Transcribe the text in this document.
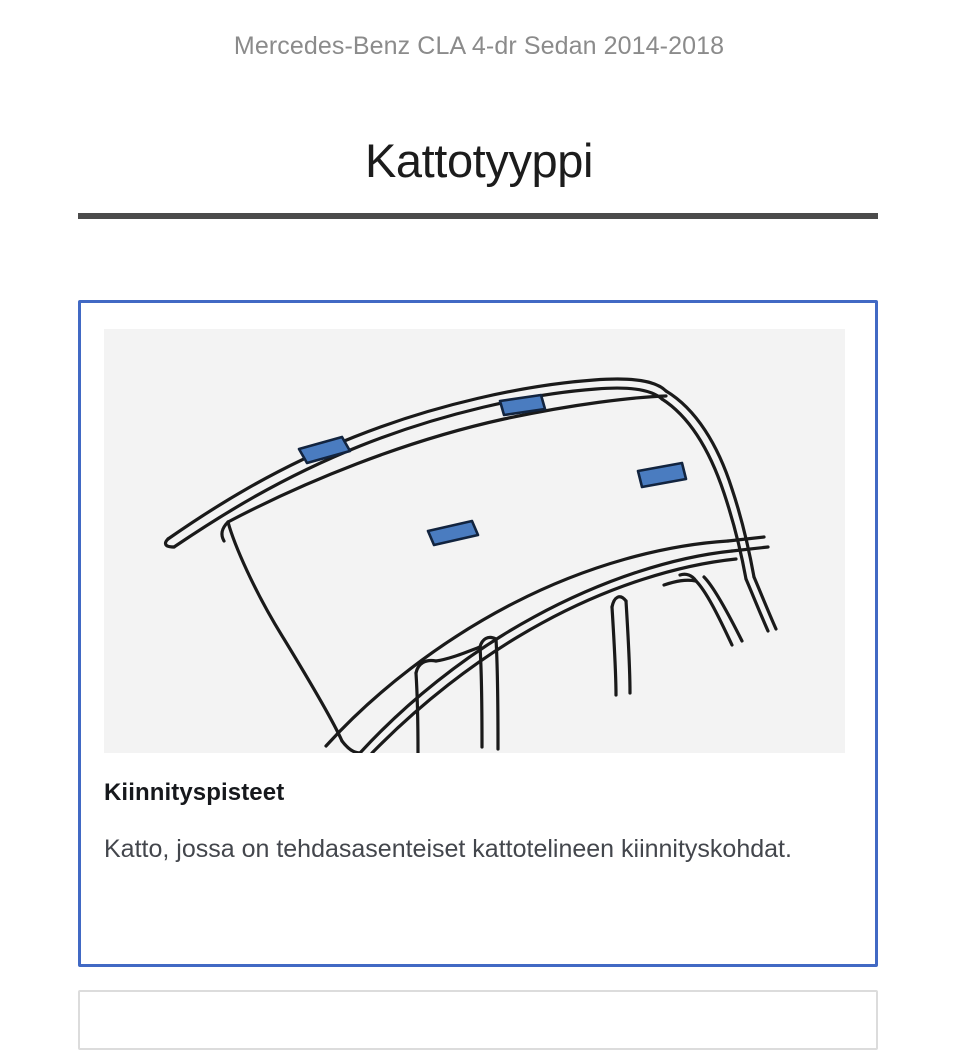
Mercedes-Benz CLA 4-dr Sedan 2014-2018
Kattotyyppi
Kiinnityspisteet
Katto, jossa on tehdasasenteiset kattotelineen kiinnityskohdat.
